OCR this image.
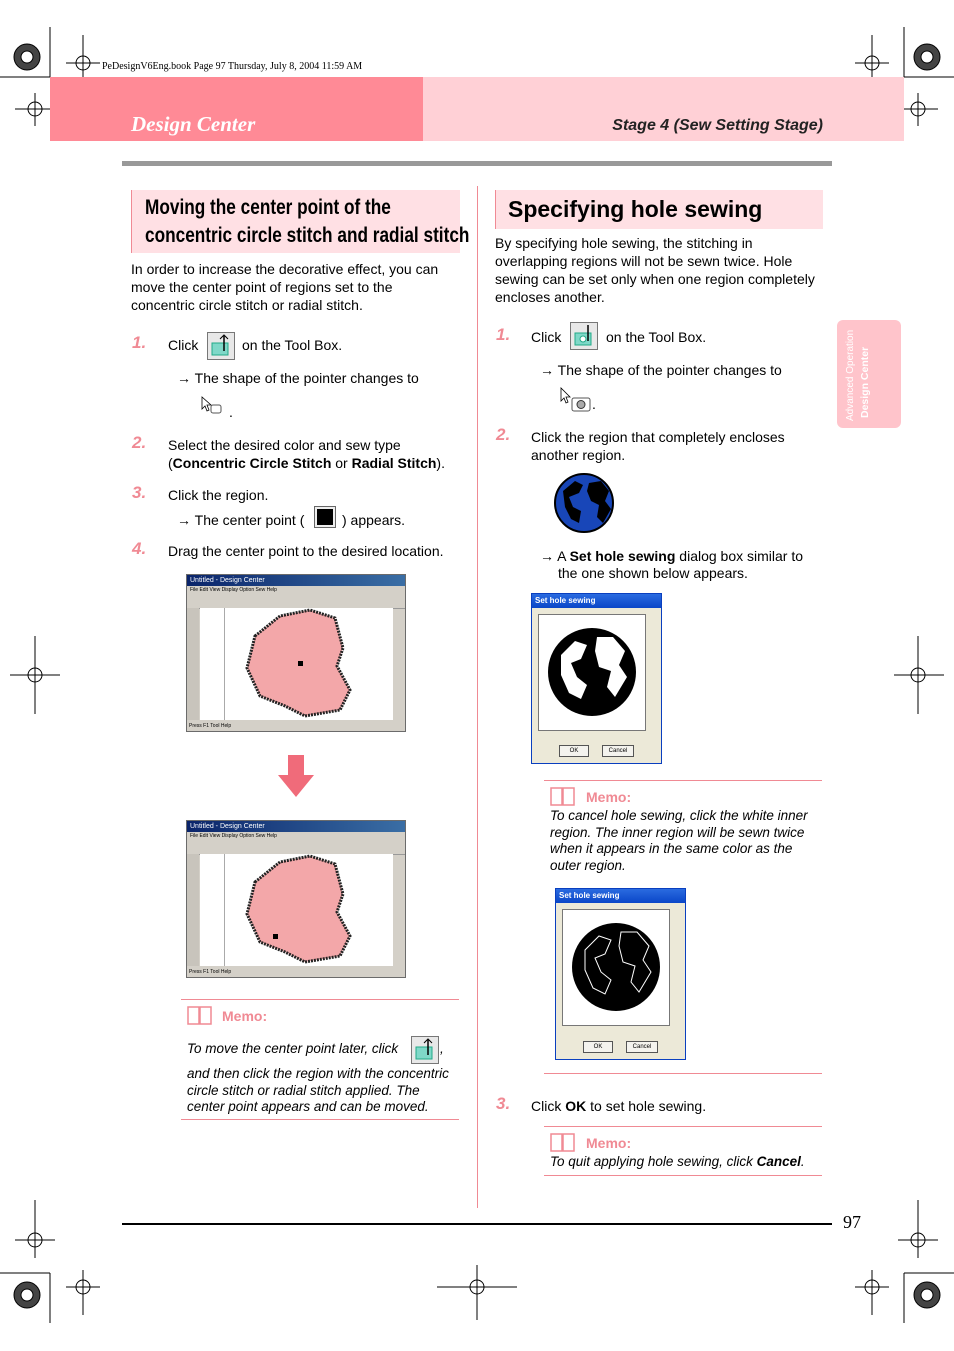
PeDesignV6Eng.book Page 97 Thursday, July 8, 2004 11:59 AM
Design Center	Stage 4 (Sew Setting Stage)
Advanced Operation Design Center
Moving the center point of the
concentric circle stitch and radial stitch
In order to increase the decorative effect, you can
move the center point of regions set to the
concentric circle stitch or radial stitch.
1. Click	on the Tool Box.
→ The shape of the pointer changes to
.
2. Select the desired color and sew type
(Concentric Circle Stitch or Radial Stitch).
3. Click the region.
→ The center point (	) appears.
4. Drag the center point to the desired location.
Untitled - Design Center
File Edit View Display Option Sew Help
Press F1 Tool Help
Untitled - Design Center
File Edit View Display Option Sew Help
Press F1 Tool Help
Memo:
To move the center point later, click	,
and then click the region with the concentric
circle stitch or radial stitch applied. The
center point appears and can be moved.
Specifying hole sewing
By specifying hole sewing, the stitching in
overlapping regions will not be sewn twice. Hole
sewing can be set only when one region completely
encloses another.
1. Click	on the Tool Box.
→ The shape of the pointer changes to
.
2. Click the region that completely encloses
another region.
→ A Set hole sewing dialog box similar to
the one shown below appears.
Set hole sewing
OK	Cancel
Memo:
To cancel hole sewing, click the white inner
region. The inner region will be sewn twice
when it appears in the same color as the
outer region.
Set hole sewing
OK	Cancel
3. Click OK to set hole sewing.
Memo:
To quit applying hole sewing, click Cancel.
97
